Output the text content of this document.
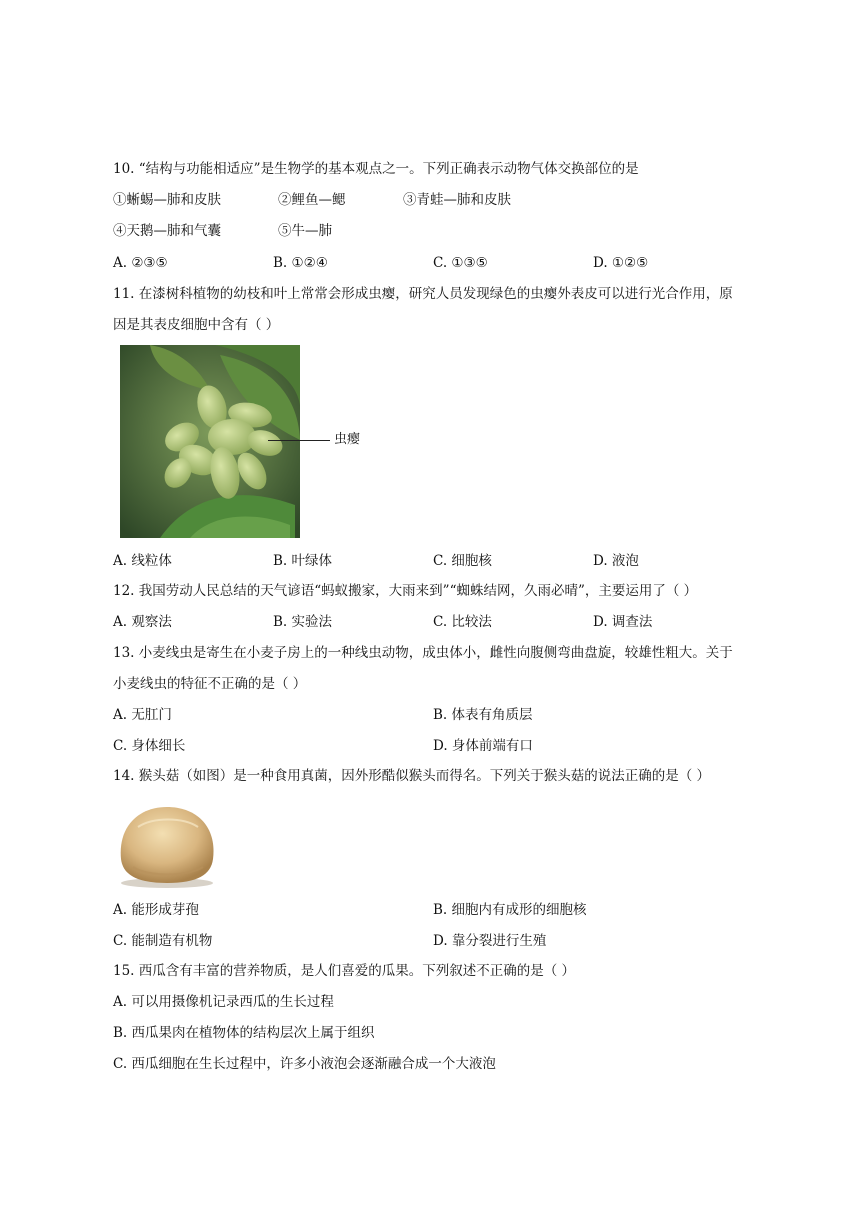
10. “结构与功能相适应”是生物学的基本观点之一。下列正确表示动物气体交换部位的是
①蜥蜴—肺和皮肤	②鲤鱼—鳃	③青蛙—肺和皮肤
④天鹅—肺和气囊	⑤牛—肺
A. ②③⑤	B. ①②④	C. ①③⑤	D. ①②⑤
11. 在漆树科植物的幼枝和叶上常常会形成虫瘿，研究人员发现绿色的虫瘿外表皮可以进行光合作用，原
因是其表皮细胞中含有（ ）
虫瘿
A. 线粒体	B. 叶绿体	C. 细胞核	D. 液泡
12. 我国劳动人民总结的天气谚语“蚂蚁搬家，大雨来到”“蜘蛛结网，久雨必晴”，主要运用了（ ）
A. 观察法	B. 实验法	C. 比较法	D. 调查法
13. 小麦线虫是寄生在小麦子房上的一种线虫动物，成虫体小，雌性向腹侧弯曲盘旋，较雄性粗大。关于
小麦线虫的特征不正确的是（ ）
A. 无肛门	B. 体表有角质层
C. 身体细长	D. 身体前端有口
14. 猴头菇（如图）是一种食用真菌，因外形酷似猴头而得名。下列关于猴头菇的说法正确的是（ ）
A. 能形成芽孢	B. 细胞内有成形的细胞核
C. 能制造有机物	D. 靠分裂进行生殖
15. 西瓜含有丰富的营养物质，是人们喜爱的瓜果。下列叙述不正确的是（ ）
A. 可以用摄像机记录西瓜的生长过程
B. 西瓜果肉在植物体的结构层次上属于组织
C. 西瓜细胞在生长过程中，许多小液泡会逐渐融合成一个大液泡
